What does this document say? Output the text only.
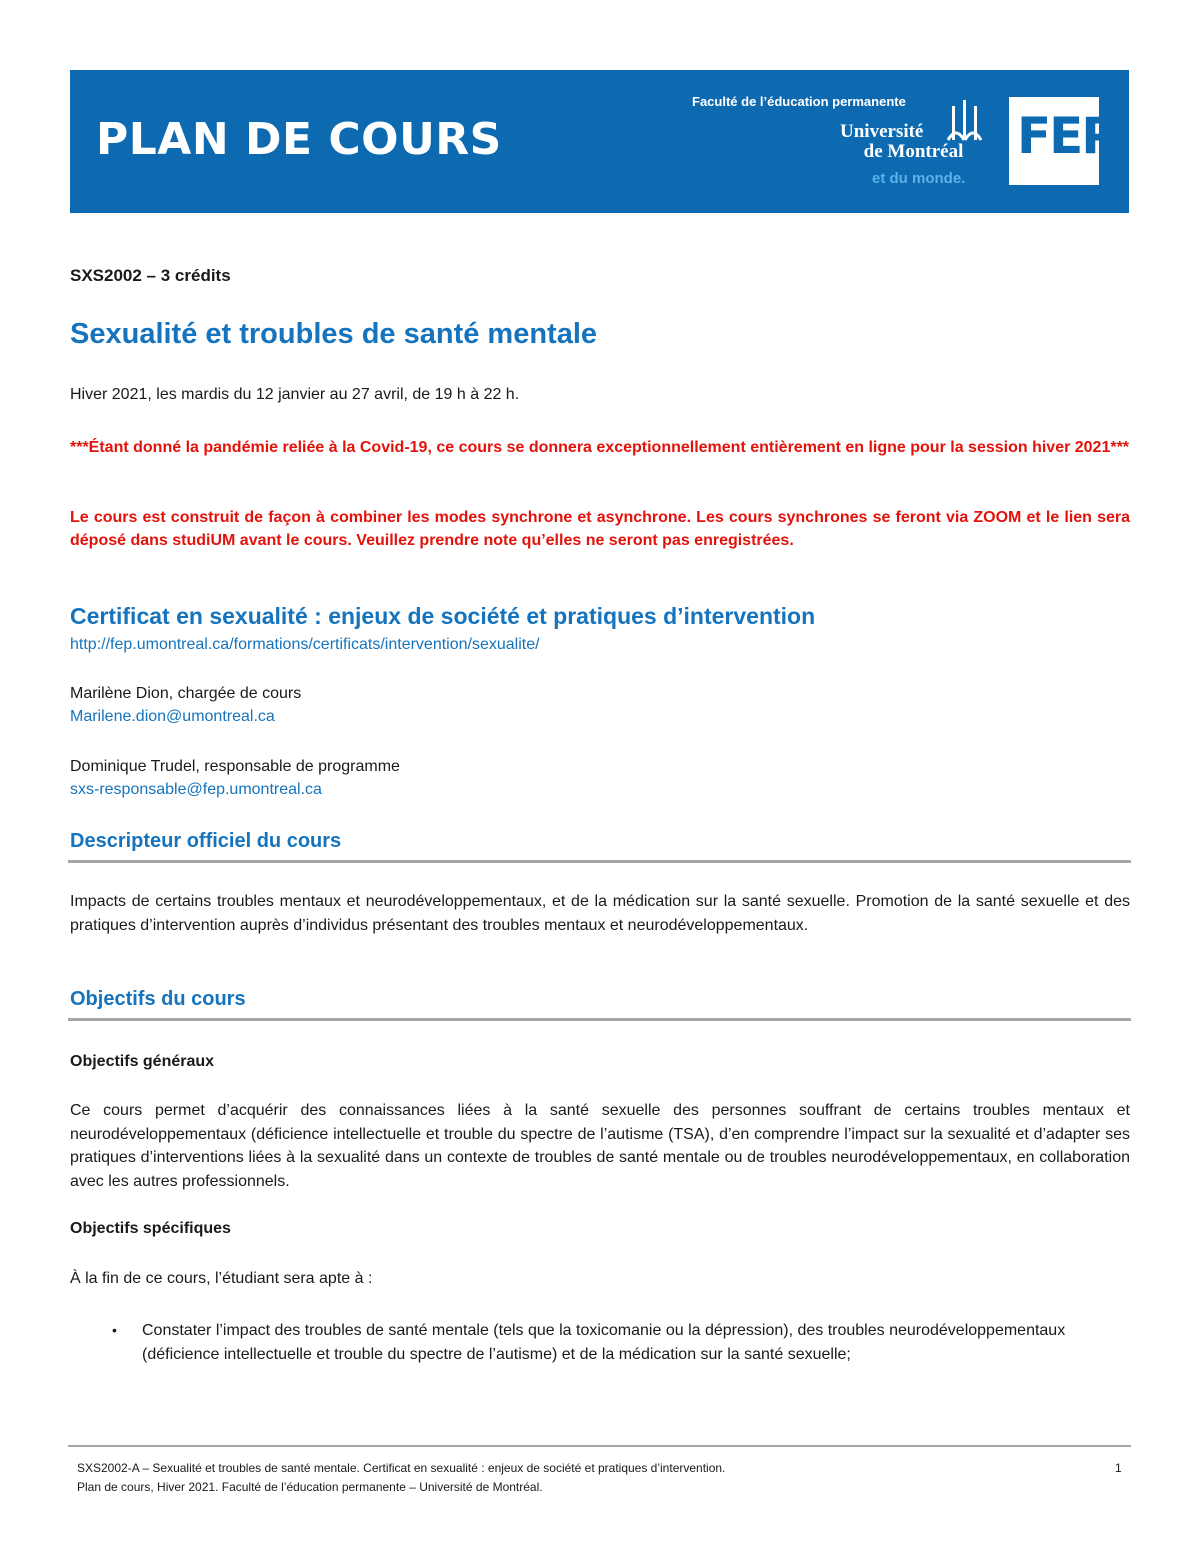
PLAN DE COURS
Faculté de l’éducation permanente
Université
de Montréal
et du monde.
FEP
SXS2002 – 3 crédits
Sexualité et troubles de santé mentale
Hiver 2021, les mardis du 12 janvier au 27 avril, de 19 h à 22 h.
***Étant donné la pandémie reliée à la Covid-19, ce cours se donnera exceptionnellement entièrement en ligne pour la session hiver 2021***
Le cours est construit de façon à combiner les modes synchrone et asynchrone. Les cours synchrones se feront via ZOOM et le lien sera déposé dans studiUM avant le cours. Veuillez prendre note qu’elles ne seront pas enregistrées.
Certificat en sexualité : enjeux de société et pratiques d’intervention
http://fep.umontreal.ca/formations/certificats/intervention/sexualite/
Marilène Dion, chargée de cours
Marilene.dion@umontreal.ca
Dominique Trudel, responsable de programme
sxs-responsable@fep.umontreal.ca
Descripteur officiel du cours
Impacts de certains troubles mentaux et neurodéveloppementaux, et de la médication sur la santé sexuelle. Promotion de la santé sexuelle et des pratiques d’intervention auprès d’individus présentant des troubles mentaux et neurodéveloppementaux.
Objectifs du cours
Objectifs généraux
Ce cours permet d’acquérir des connaissances liées à la santé sexuelle des personnes souffrant de certains troubles mentaux et neurodéveloppementaux (déficience intellectuelle et trouble du spectre de l’autisme (TSA), d’en comprendre l’impact sur la sexualité et d’adapter ses pratiques d’interventions liées à la sexualité dans un contexte de troubles de santé mentale ou de troubles neurodéveloppementaux, en collaboration avec les autres professionnels.
Objectifs spécifiques
À la fin de ce cours, l’étudiant sera apte à :
• Constater l’impact des troubles de santé mentale (tels que la toxicomanie ou la dépression), des troubles neurodéveloppementaux (déficience intellectuelle et trouble du spectre de l’autisme) et de la médication sur la santé sexuelle;
SXS2002-A – Sexualité et troubles de santé mentale. Certificat en sexualité : enjeux de société et pratiques d’intervention.
Plan de cours, Hiver 2021. Faculté de l’éducation permanente – Université de Montréal.
1
